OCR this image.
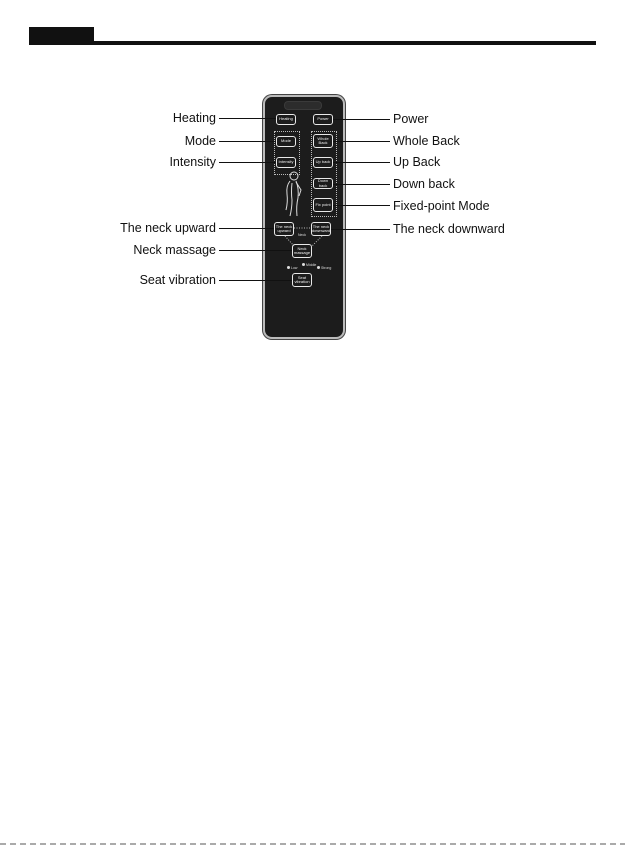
Heating	Power
Mode
Whole Back
Intensity	Up back
Down back
Fix point
The neck upward
The neck downward
Neck massage
Seat vibration
Neck
Low
Middle
Strong
Heating
Mode
Intensity
The neck upward
Neck massage
Seat vibration
Power
Whole Back
Up Back
Down back
Fixed-point Mode
The neck downward
